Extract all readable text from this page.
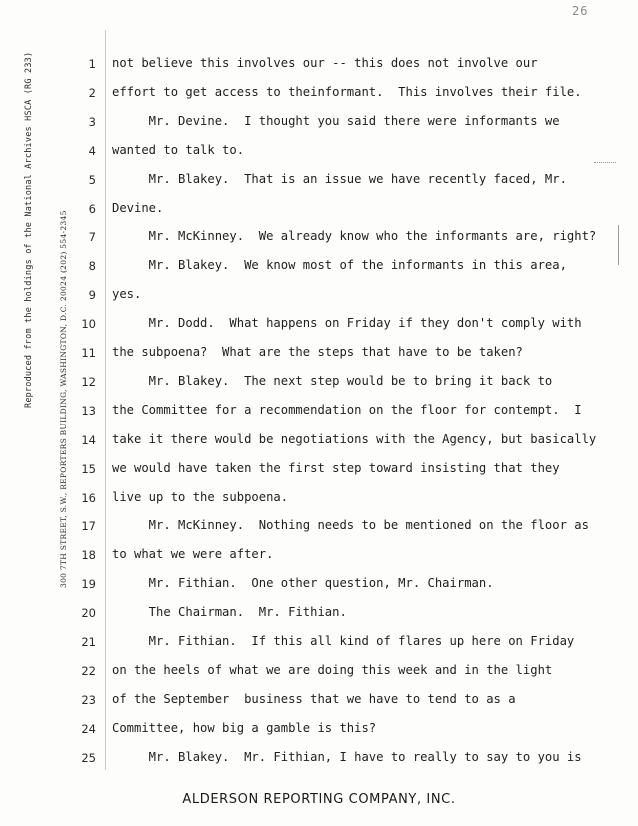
26
Reproduced from the holdings of the National Archives HSCA (RG 233)	300 7TH STREET, S.W., REPORTERS BUILDING, WASHINGTON, D.C. 20024 (202) 554-2345
1 not believe this involves our -- this does not involve our
2 effort to get access to theinformant.  This involves their file.
3 Mr. Devine.  I thought you said there were informants we
4 wanted to talk to.
5 Mr. Blakey.  That is an issue we have recently faced, Mr.
6 Devine.
7 Mr. McKinney.  We already know who the informants are, right?
8 Mr. Blakey.  We know most of the informants in this area,
9 yes.
10 Mr. Dodd.  What happens on Friday if they don't comply with
11 the subpoena?  What are the steps that have to be taken?
12 Mr. Blakey.  The next step would be to bring it back to
13 the Committee for a recommendation on the floor for contempt.  I
14 take it there would be negotiations with the Agency, but basically
15 we would have taken the first step toward insisting that they
16 live up to the subpoena.
17 Mr. McKinney.  Nothing needs to be mentioned on the floor as
18 to what we were after.
19 Mr. Fithian.  One other question, Mr. Chairman.
20 The Chairman.  Mr. Fithian.
21 Mr. Fithian.  If this all kind of flares up here on Friday
22 on the heels of what we are doing this week and in the light
23 of the September  business that we have to tend to as a
24 Committee, how big a gamble is this?
25 Mr. Blakey.  Mr. Fithian, I have to really to say to you is
ALDERSON REPORTING COMPANY, INC.
